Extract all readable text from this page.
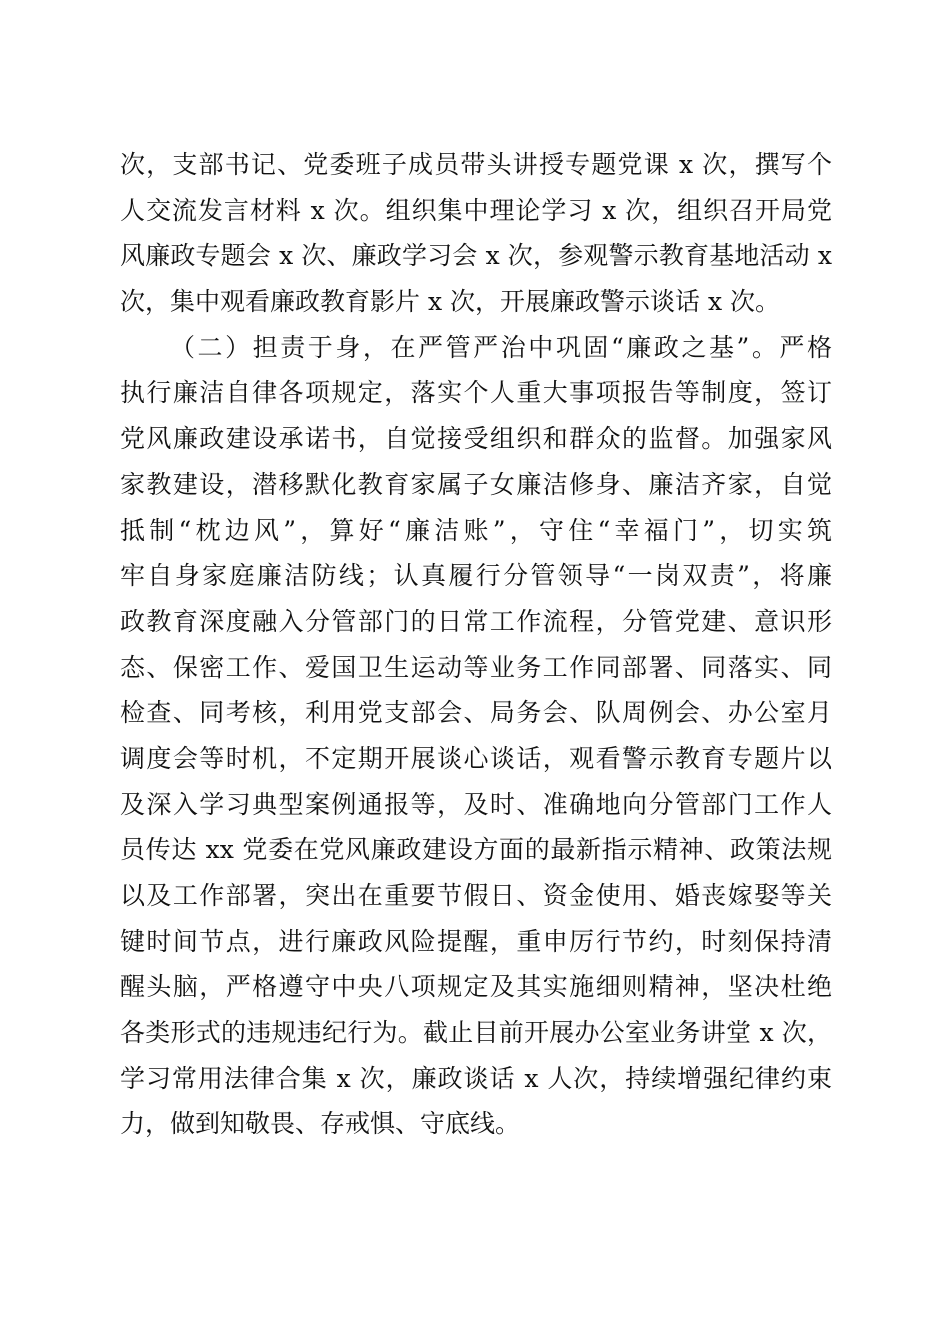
次，支部书记、党委班子成员带头讲授专题党课 x 次，撰写个
人交流发言材料 x 次。组织集中理论学习 x 次，组织召开局党
风廉政专题会 x 次、廉政学习会 x 次，参观警示教育基地活动 x
次，集中观看廉政教育影片 x 次，开展廉政警示谈话 x 次。
（二）担责于身，在严管严治中巩固“廉政之基”。严格
执行廉洁自律各项规定，落实个人重大事项报告等制度，签订
党风廉政建设承诺书，自觉接受组织和群众的监督。加强家风
家教建设，潜移默化教育家属子女廉洁修身、廉洁齐家，自觉
抵制“枕边风”，算好“廉洁账”，守住“幸福门”，切实筑
牢自身家庭廉洁防线；认真履行分管领导“一岗双责”，将廉
政教育深度融入分管部门的日常工作流程，分管党建、意识形
态、保密工作、爱国卫生运动等业务工作同部署、同落实、同
检查、同考核，利用党支部会、局务会、队周例会、办公室月
调度会等时机，不定期开展谈心谈话，观看警示教育专题片以
及深入学习典型案例通报等，及时、准确地向分管部门工作人
员传达 xx 党委在党风廉政建设方面的最新指示精神、政策法规
以及工作部署，突出在重要节假日、资金使用、婚丧嫁娶等关
键时间节点，进行廉政风险提醒，重申厉行节约，时刻保持清
醒头脑，严格遵守中央八项规定及其实施细则精神，坚决杜绝
各类形式的违规违纪行为。截止目前开展办公室业务讲堂 x 次，
学习常用法律合集 x 次，廉政谈话 x 人次，持续增强纪律约束
力，做到知敬畏、存戒惧、守底线。
